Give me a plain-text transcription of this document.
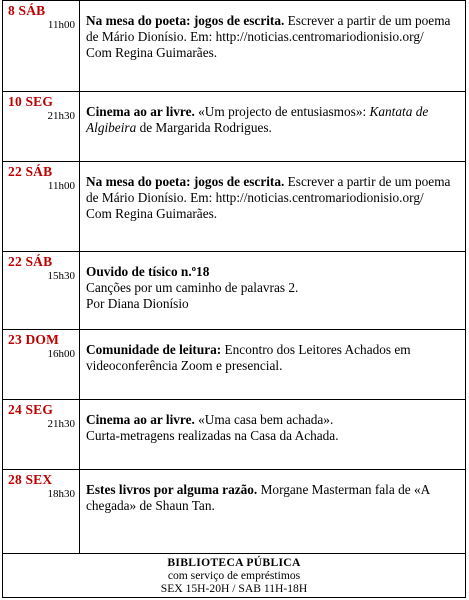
8 SÁB
11h00 Na mesa do poeta: jogos de escrita. Escrever a partir de um poema de Mário Dionísio. Em: http://noticias.centromariodionisio.org/
Com Regina Guimarães.
10 SEG
21h30 Cinema ao ar livre. «Um projecto de entusiasmos»: Kantata de Algibeira de Margarida Rodrigues.
22 SÁB
11h00 Na mesa do poeta: jogos de escrita. Escrever a partir de um poema de Mário Dionísio. Em: http://noticias.centromariodionisio.org/
Com Regina Guimarães.
22 SÁB
15h30 Ouvido de tísico n.º18
Canções por um caminho de palavras 2.
Por Diana Dionísio
23 DOM
16h00 Comunidade de leitura: Encontro dos Leitores Achados em videoconferência Zoom e presencial.
24 SEG
21h30 Cinema ao ar livre. «Uma casa bem achada».
Curta-metragens realizadas na Casa da Achada.
28 SEX
18h30 Estes livros por alguma razão. Morgane Masterman fala de «A chegada» de Shaun Tan.
BIBLIOTECA PÚBLICA
com serviço de empréstimos
SEX 15H-20H / SAB 11H-18H
